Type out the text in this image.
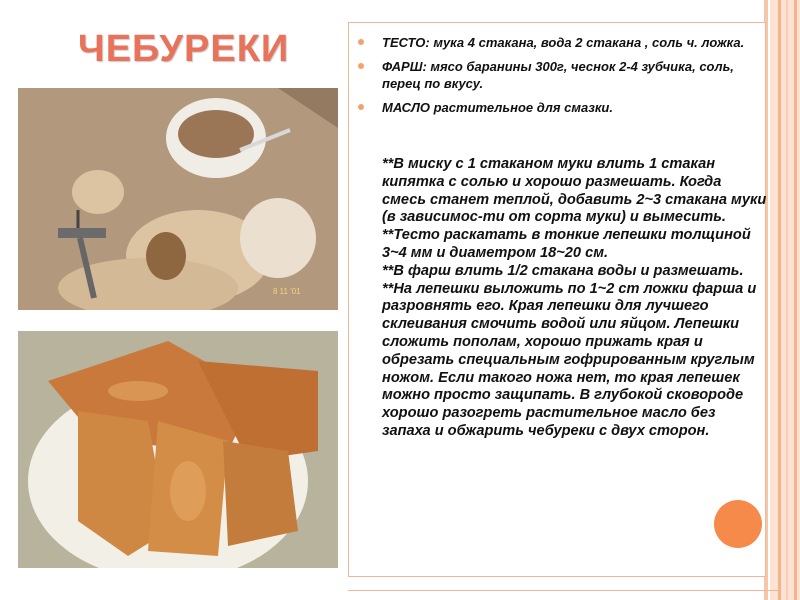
ЧЕБУРЕКИ
8 11 '01
ТЕСТО: мука 4 стакана, вода 2 стакана , соль ч. ложка.
ФАРШ: мясо баранины 300г, чеснок 2-4 зубчика, соль, перец по вкусу.
МАСЛО растительное для смазки.

**В миску с 1 стаканом муки влить 1 стакан кипятка с солью и хорошо размешать. Когда смесь станет теплой, добавить 2~3 стакана муки (в зависимос-ти от сорта муки) и вымесить.
**Тесто раскатать в тонкие лепешки толщиной 3~4 мм и диаметром 18~20 см.
**В фарш влить 1/2 стакана воды и размешать.
**На лепешки выложить по 1~2 ст ложки фарша и разровнять его. Края лепешки для лучшего склеивания смочить водой или яйцом. Лепешки сложить пополам, хорошо прижать края и обрезать специальным гофрированным круглым ножом. Если такого ножа нет, то края лепешек можно просто защипать. В глубокой сковороде хорошо разогреть растительное масло без запаха и обжарить чебуреки с двух сторон.
